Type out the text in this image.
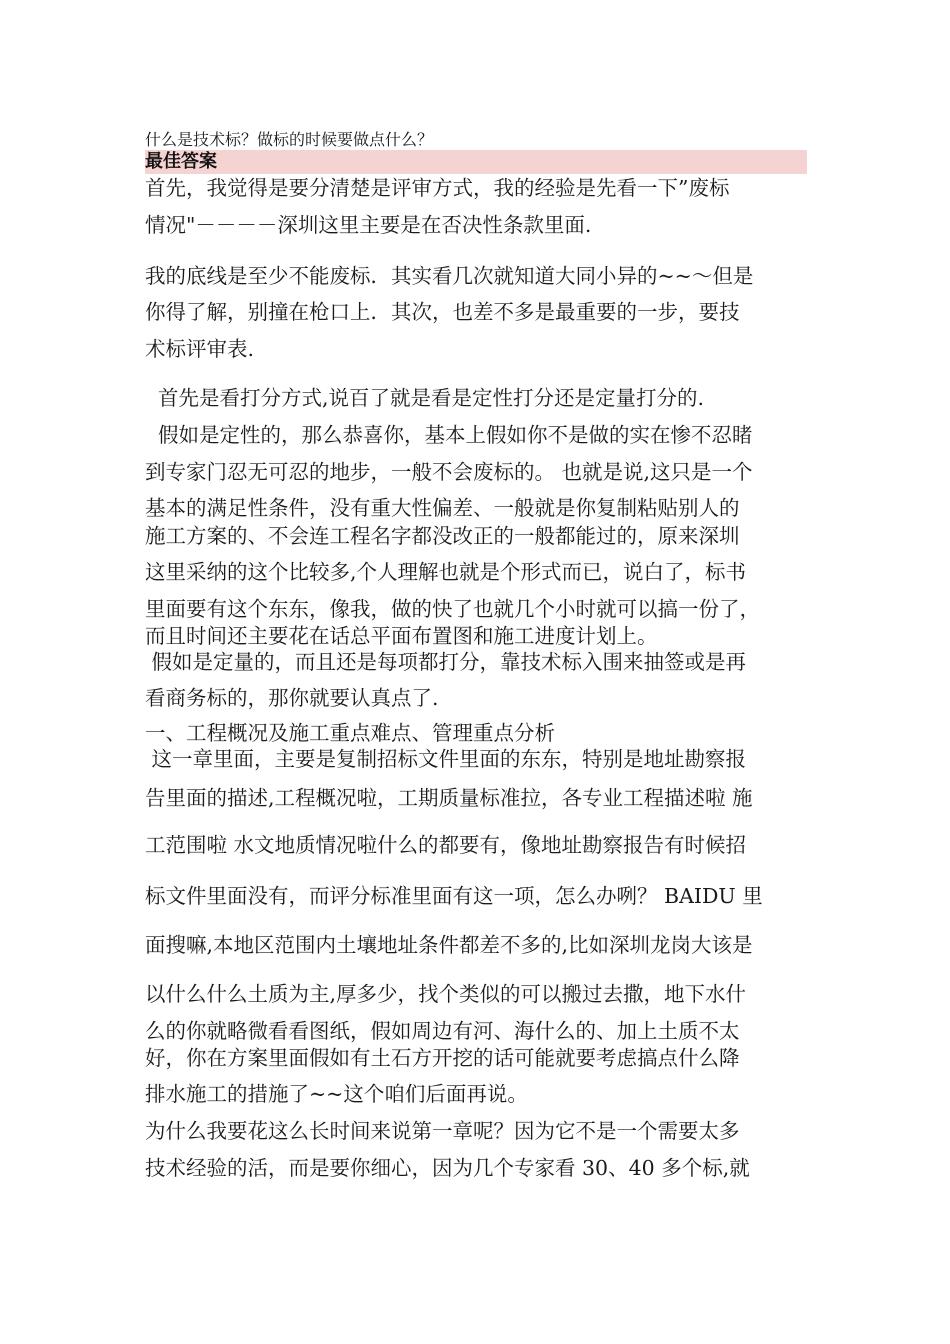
什么是技术标？做标的时候要做点什么？
最佳答案
首先，我觉得是要分清楚是评审方式，我的经验是先看一下”废标
情况"－－－－深圳这里主要是在否决性条款里面.
我的底线是至少不能废标．其实看几次就知道大同小异的~~～但是
你得了解，别撞在枪口上．其次，也差不多是最重要的一步，要技
术标评审表.
首先是看打分方式,说百了就是看是定性打分还是定量打分的.
假如是定性的，那么恭喜你，基本上假如你不是做的实在惨不忍睹
到专家门忍无可忍的地步，一般不会废标的。 也就是说,这只是一个
基本的满足性条件，没有重大性偏差、一般就是你复制粘贴别人的
施工方案的、不会连工程名字都没改正的一般都能过的，原来深圳
这里采纳的这个比较多,个人理解也就是个形式而已，说白了，标书
里面要有这个东东，像我，做的快了也就几个小时就可以搞一份了，
而且时间还主要花在话总平面布置图和施工进度计划上。
假如是定量的，而且还是每项都打分，靠技术标入围来抽签或是再
看商务标的，那你就要认真点了.
一、工程概况及施工重点难点、管理重点分析
这一章里面，主要是复制招标文件里面的东东，特别是地址勘察报
告里面的描述,工程概况啦，工期质量标准拉，各专业工程描述啦 施
工范围啦 水文地质情况啦什么的都要有，像地址勘察报告有时候招
标文件里面没有，而评分标准里面有这一项，怎么办咧？ BAIDU 里
面搜嘛,本地区范围内土壤地址条件都差不多的,比如深圳龙岗大该是
以什么什么土质为主,厚多少，找个类似的可以搬过去撒，地下水什
么的你就略微看看图纸，假如周边有河、海什么的、加上土质不太
好，你在方案里面假如有土石方开挖的话可能就要考虑搞点什么降
排水施工的措施了~~这个咱们后面再说。
为什么我要花这么长时间来说第一章呢？因为它不是一个需要太多
技术经验的活，而是要你细心，因为几个专家看 30、40 多个标,就
